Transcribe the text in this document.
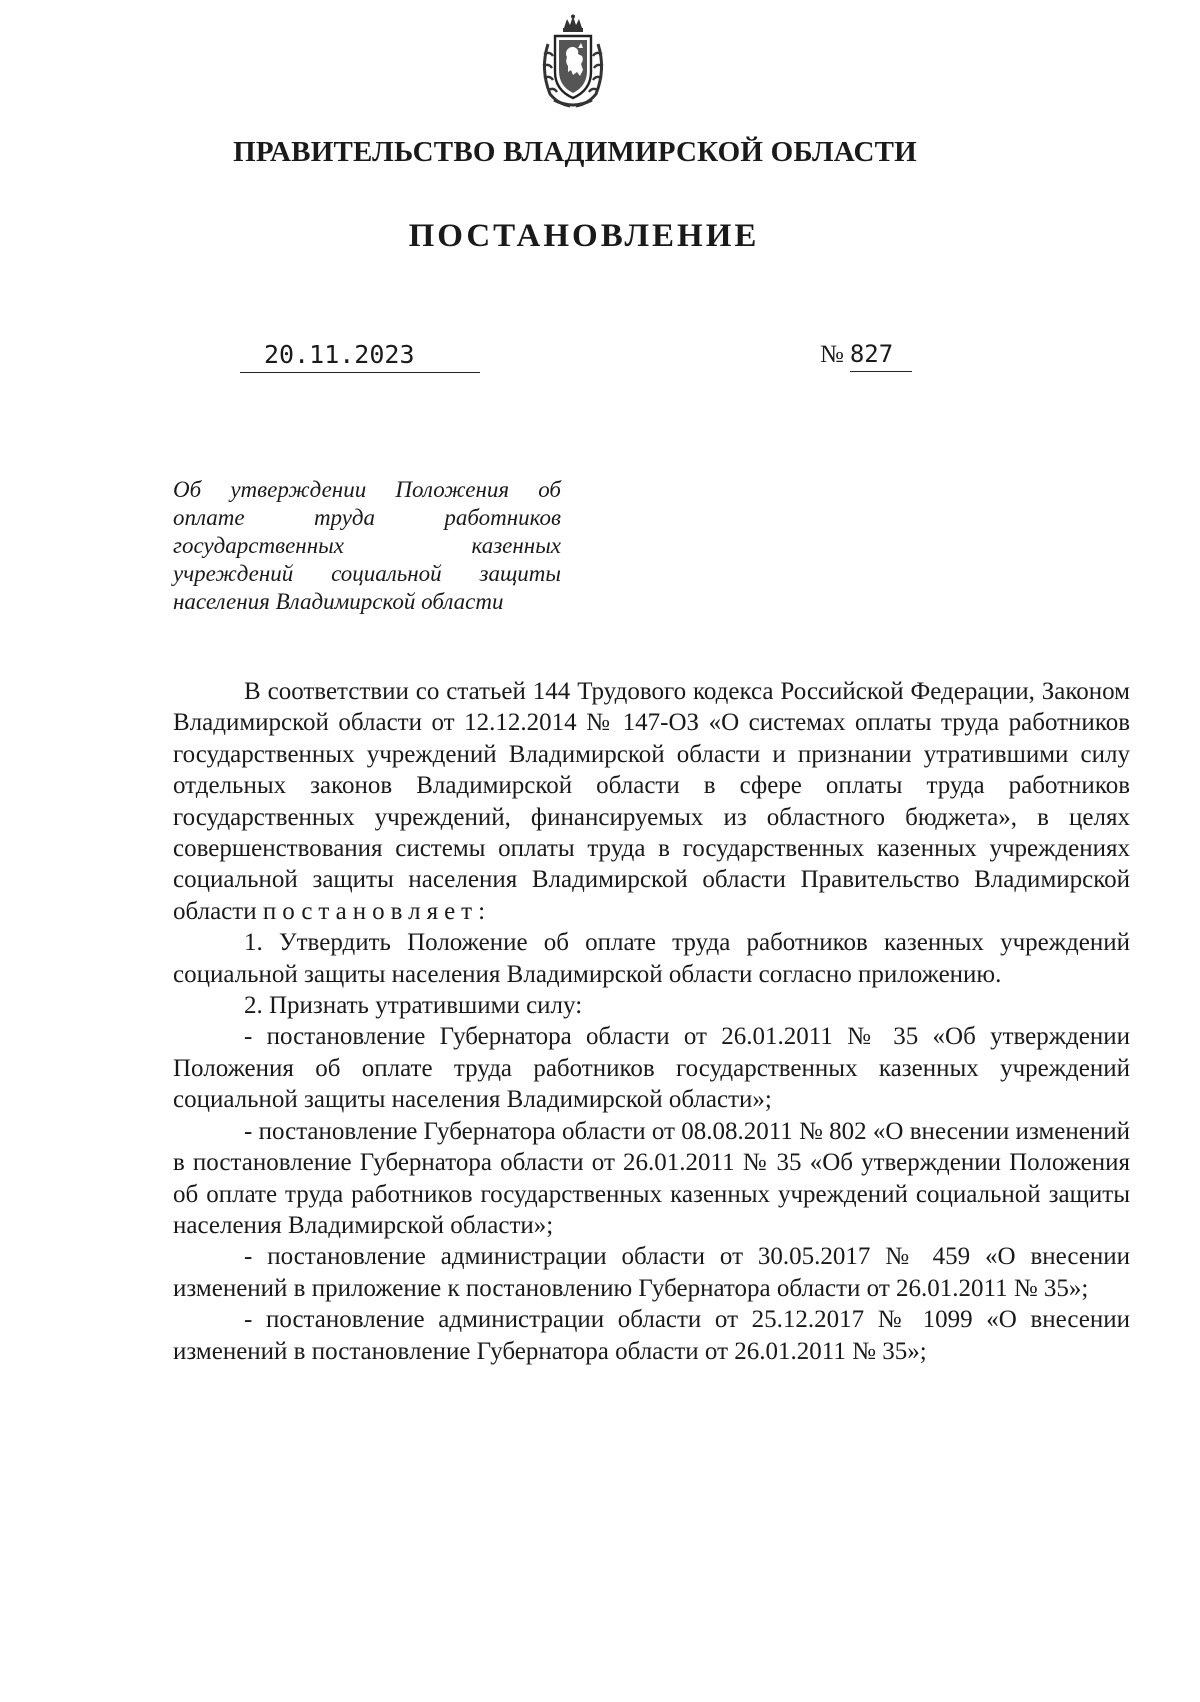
ПРАВИТЕЛЬСТВО ВЛАДИМИРСКОЙ ОБЛАСТИ
ПОСТАНОВЛЕНИЕ
20.11.2023	№ 827
Об утверждении Положения об оплате труда работников государственных казенных учреждений социальной защиты населения Владимирской области

В соответствии со статьей 144 Трудового кодекса Российской Федерации, Законом Владимирской области от 12.12.2014 № 147-ОЗ «О системах оплаты труда работников государственных учреждений Владимирской области и признании утратившими силу отдельных законов Владимирской области в сфере оплаты труда работников государственных учреждений, финансируемых из областного бюджета», в целях совершенствования системы оплаты труда в государственных казенных учреждениях социальной защиты населения Владимирской области Правительство Владимирской области постановляет:

1. Утвердить Положение об оплате труда работников казенных учреждений социальной защиты населения Владимирской области согласно приложению.

2. Признать утратившими силу:

- постановление Губернатора области от 26.01.2011 № 35 «Об утверждении Положения об оплате труда работников государственных казенных учреждений социальной защиты населения Владимирской области»;

- постановление Губернатора области от 08.08.2011 № 802 «О внесении изменений в постановление Губернатора области от 26.01.2011 № 35 «Об утверждении Положения об оплате труда работников государственных казенных учреждений социальной защиты населения Владимирской области»;

- постановление администрации области от 30.05.2017 № 459 «О внесении изменений в приложение к постановлению Губернатора области от 26.01.2011 № 35»;

- постановление администрации области от 25.12.2017 № 1099 «О внесении изменений в постановление Губернатора области от 26.01.2011 № 35»;
